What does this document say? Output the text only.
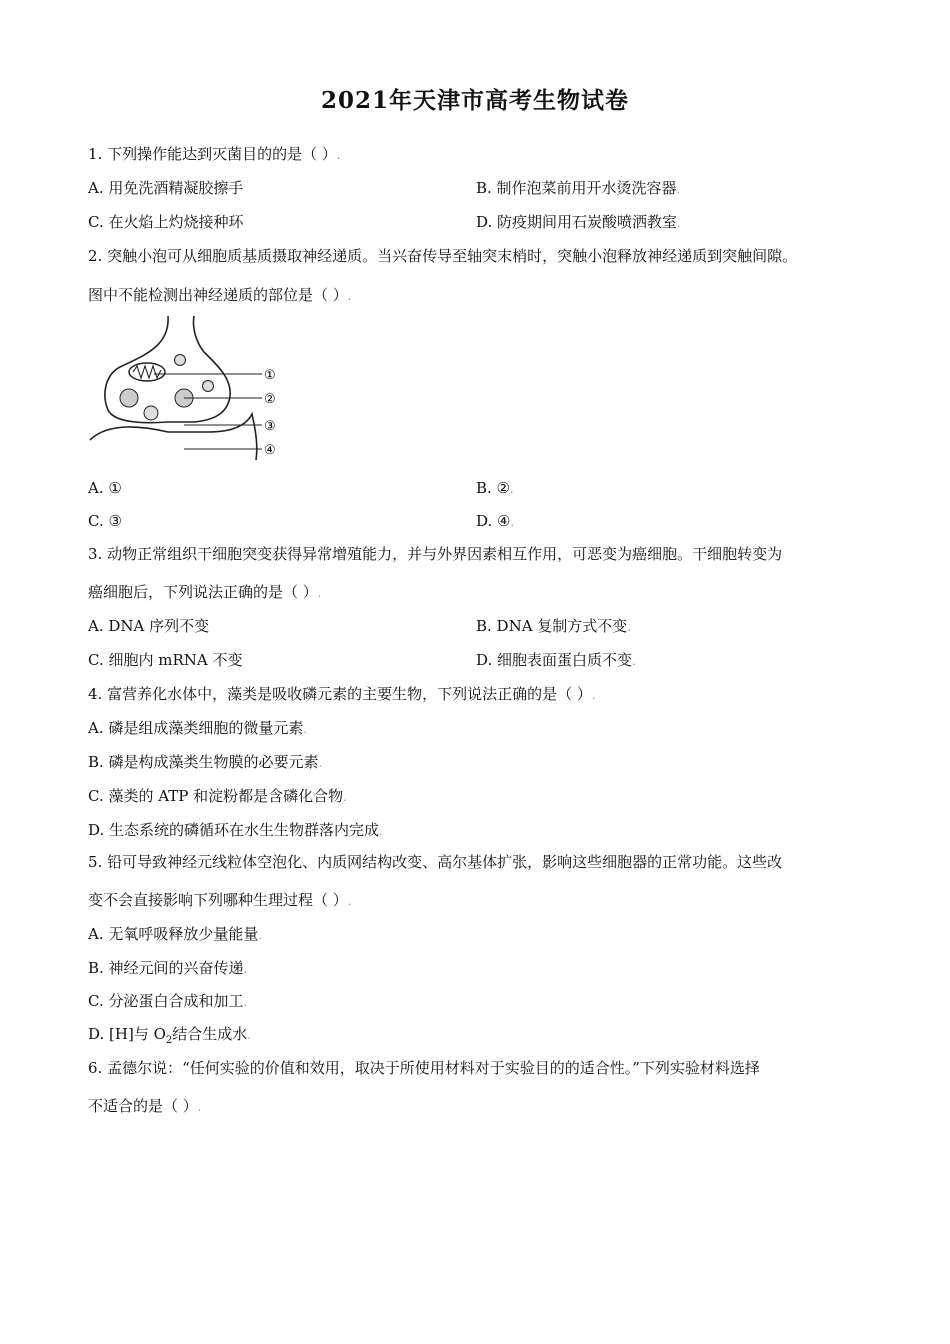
2021年天津市高考生物试卷
1. 下列操作能达到灭菌目的的是（ ）.
A. 用免洗酒精凝胶擦手	B. 制作泡菜前用开水烫洗容器.
C. 在火焰上灼烧接种环	D. 防疫期间用石炭酸喷洒教室.
2. 突触小泡可从细胞质基质摄取神经递质。当兴奋传导至轴突末梢时，突触小泡释放神经递质到突触间隙。
图中不能检测出神经递质的部位是（ ）.
①
②
③
④
A. ①	B. ②.
C. ③	D. ④.
3. 动物正常组织干细胞突变获得异常增殖能力，并与外界因素相互作用，可恶变为癌细胞。干细胞转变为
癌细胞后，下列说法正确的是（ ）.
A. DNA 序列不变	B. DNA 复制方式不变.
C. 细胞内 mRNA 不变	D. 细胞表面蛋白质不变.
4. 富营养化水体中，藻类是吸收磷元素的主要生物，下列说法正确的是（ ）.
A. 磷是组成藻类细胞的微量元素.
B. 磷是构成藻类生物膜的必要元素.
C. 藻类的 ATP 和淀粉都是含磷化合物.
D. 生态系统的磷循环在水生生物群落内完成.
5. 铅可导致神经元线粒体空泡化、内质网结构改变、高尔基体扩张，影响这些细胞器的正常功能。这些改
变不会直接影响下列哪种生理过程（ ）.
A. 无氧呼吸释放少量能量.
B. 神经元间的兴奋传递.
C. 分泌蛋白合成和加工.
D. [H]与 $O_2$结合生成水.
6. 孟德尔说：“任何实验的价值和效用，取决于所使用材料对于实验目的的适合性。”下列实验材料选择
不适合的是（ ）.
